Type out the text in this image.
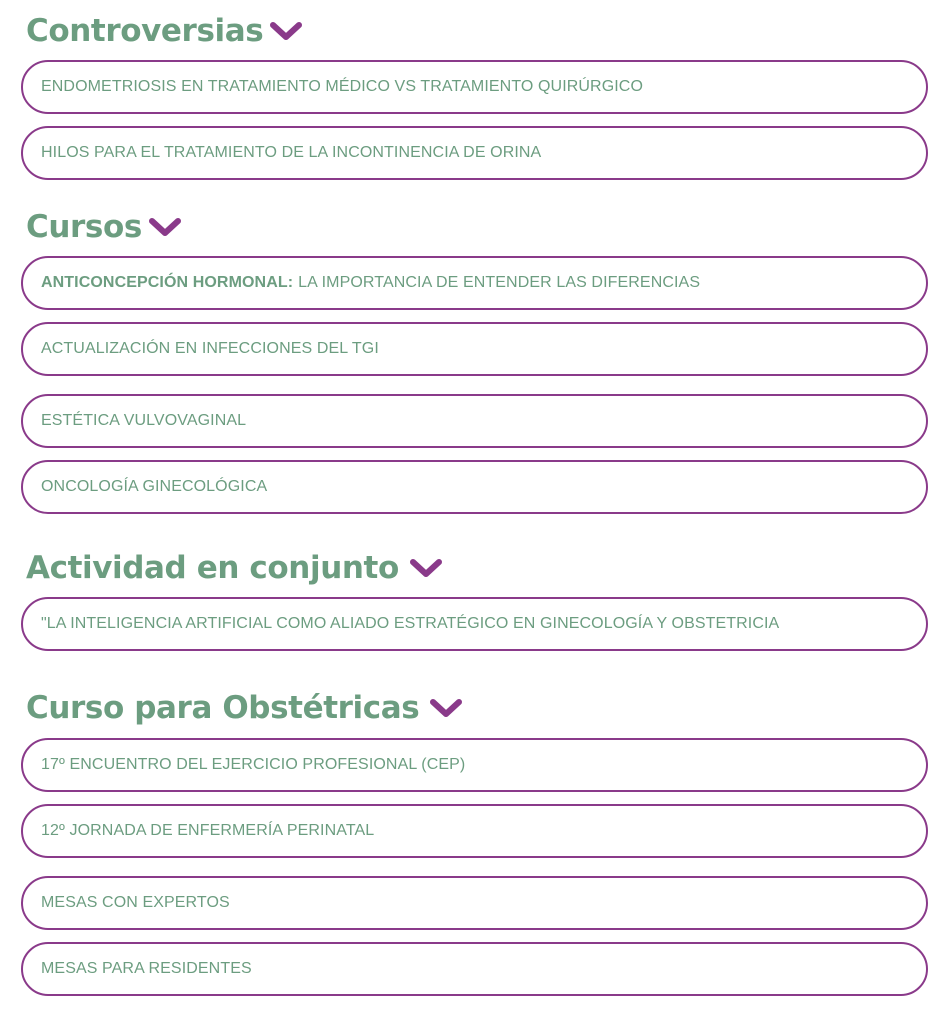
Controversias
ENDOMETRIOSIS EN TRATAMIENTO MÉDICO VS TRATAMIENTO QUIRÚRGICO
HILOS PARA EL TRATAMIENTO DE LA INCONTINENCIA DE ORINA
Cursos
ANTICONCEPCIÓN HORMONAL: LA IMPORTANCIA DE ENTENDER LAS DIFERENCIAS
ACTUALIZACIÓN EN INFECCIONES DEL TGI
ESTÉTICA VULVOVAGINAL
ONCOLOGÍA GINECOLÓGICA
Actividad en conjunto
"LA INTELIGENCIA ARTIFICIAL COMO ALIADO ESTRATÉGICO EN GINECOLOGÍA Y OBSTETRICIA
Curso para Obstétricas
17º ENCUENTRO DEL EJERCICIO PROFESIONAL (CEP)
12º JORNADA DE ENFERMERÍA PERINATAL
MESAS CON EXPERTOS
MESAS PARA RESIDENTES
